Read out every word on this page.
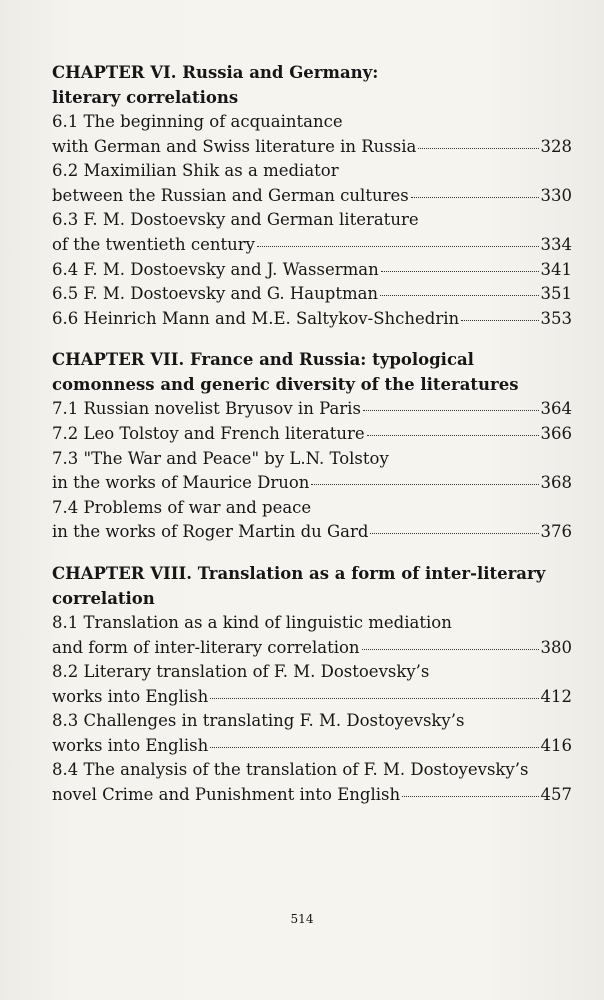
CHAPTER VI. Russia and Germany:
literary correlations
6.1 The beginning of acquaintance
with German and Swiss literature in Russia	328
6.2 Maximilian Shik as a mediator
between the Russian and German cultures	330
6.3 F. M. Dostoevsky and German literature
of the twentieth century	334
6.4 F. M. Dostoevsky and J. Wasserman	341
6.5 F. M. Dostoevsky and G. Hauptman	351
6.6 Heinrich Mann and M.E. Saltykov-Shchedrin	353
CHAPTER VII. France and Russia: typological
comonness and generic diversity of the literatures
7.1 Russian novelist Bryusov in Paris	364
7.2 Leo Tolstoy and French literature	366
7.3 "The War and Peace" by L.N. Tolstoy
in the works of Maurice Druon	368
7.4 Problems of war and peace
in the works of Roger Martin du Gard	376
CHAPTER VIII. Translation as a form of inter-literary
correlation
8.1 Translation as a kind of linguistic mediation
and form of inter-literary correlation	380
8.2 Literary translation of F. M. Dostoevsky’s
works into English	412
8.3 Challenges in translating F. M. Dostoyevsky’s
works into English	416
8.4 The analysis of the translation of F. M. Dostoyevsky’s
novel Crime and Punishment into English	457
514
